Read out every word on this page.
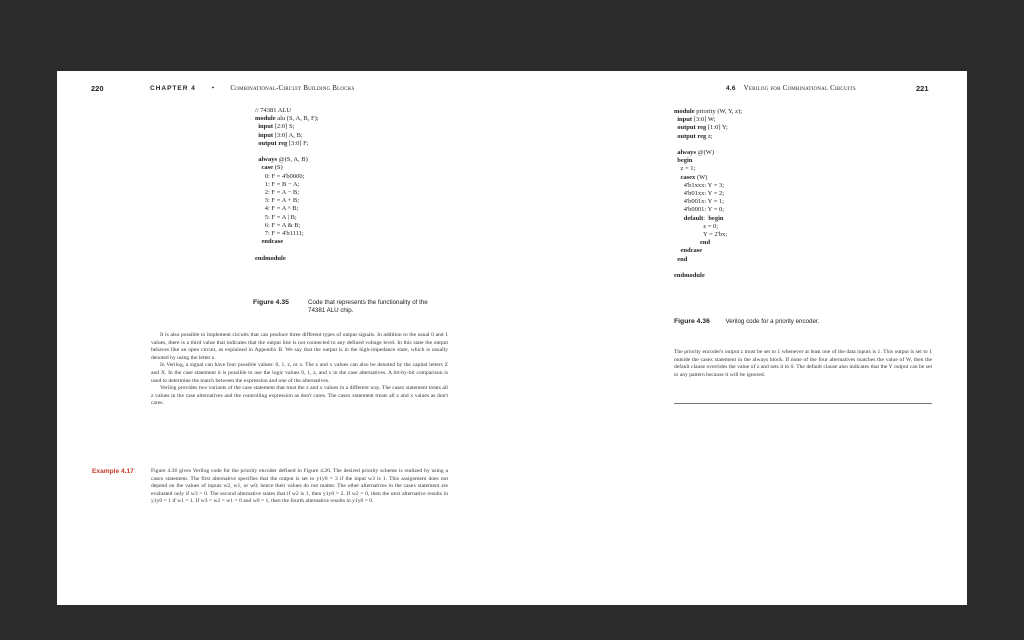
220	CHAPTER 4 • Combinational-Circuit Building Blocks
// 74381 ALU
module alu (S, A, B, F);
input [2:0] S;
input [3:0] A, B;
output reg [3:0] F;

always @(S, A, B)
case (S)
0: F = 4'b0000;
1: F = B − A;
2: F = A − B;
3: F = A + B;
4: F = A ^ B;
5: F = A | B;
6: F = A & B;
7: F = 4'b1111;
endcase

endmodule
Figure 4.35	Code that represents the functionality of the 74381 ALU chip.

It is also possible to implement circuits that can produce three different types of output signals. In addition to the usual 0 and 1 values, there is a third value that indicates that the output line is not connected to any defined voltage level. In this state the output behaves like an open circuit, as explained in Appendix B. We say that the output is in the high-impedance state, which is usually denoted by using the letter z.

In Verilog, a signal can have four possible values: 0, 1, z, or x. The z and x values can also be denoted by the capital letters Z and X. In the case statement it is possible to use the logic values 0, 1, z, and x in the case alternatives. A bit-by-bit comparison is used to determine the match between the expression and one of the alternatives.

Verilog provides two variants of the case statement that treat the z and x values in a different way. The casez statement treats all z values in the case alternatives and the controlling expression as don't cares. The casex statement treats all z and x values as don't cares.

Example 4.17	Figure 4.36 gives Verilog code for the priority encoder defined in Figure 4.20. The desired priority scheme is realized by using a casex statement. The first alternative specifies that the output is set to y1y0 = 3 if the input w3 is 1. This assignment does not depend on the values of inputs w2, w1, or w0; hence their values do not matter. The other alternatives in the casex statement are evaluated only if w3 = 0. The second alternative states that if w2 is 1, then y1y0 = 2. If w2 = 0, then the next alternative results in y1y0 = 1 if w1 = 1. If w3 = w2 = w1 = 0 and w0 = 1, then the fourth alternative results in y1y0 = 0.

4.6 Verilog for Combinational Circuits	221
module priority (W, Y, z);
input [3:0] W;
output reg [1:0] Y;
output reg z;

always @(W)
begin
z = 1;
casex (W)
4'b1xxx: Y = 3;
4'b01xx: Y = 2;
4'b001x: Y = 1;
4'b0001: Y = 0;
default:  begin
z = 0;
Y = 2'bx;
end
endcase
end

endmodule
Figure 4.36	Verilog code for a priority encoder.

The priority encoder's output z must be set to 1 whenever at least one of the data inputs is 1. This output is set to 1 outside the casex statement in the always block. If none of the four alternatives matches the value of W, then the default clause overrides the value of z and sets it to 0. The default clause also indicates that the Y output can be set to any pattern because it will be ignored.
